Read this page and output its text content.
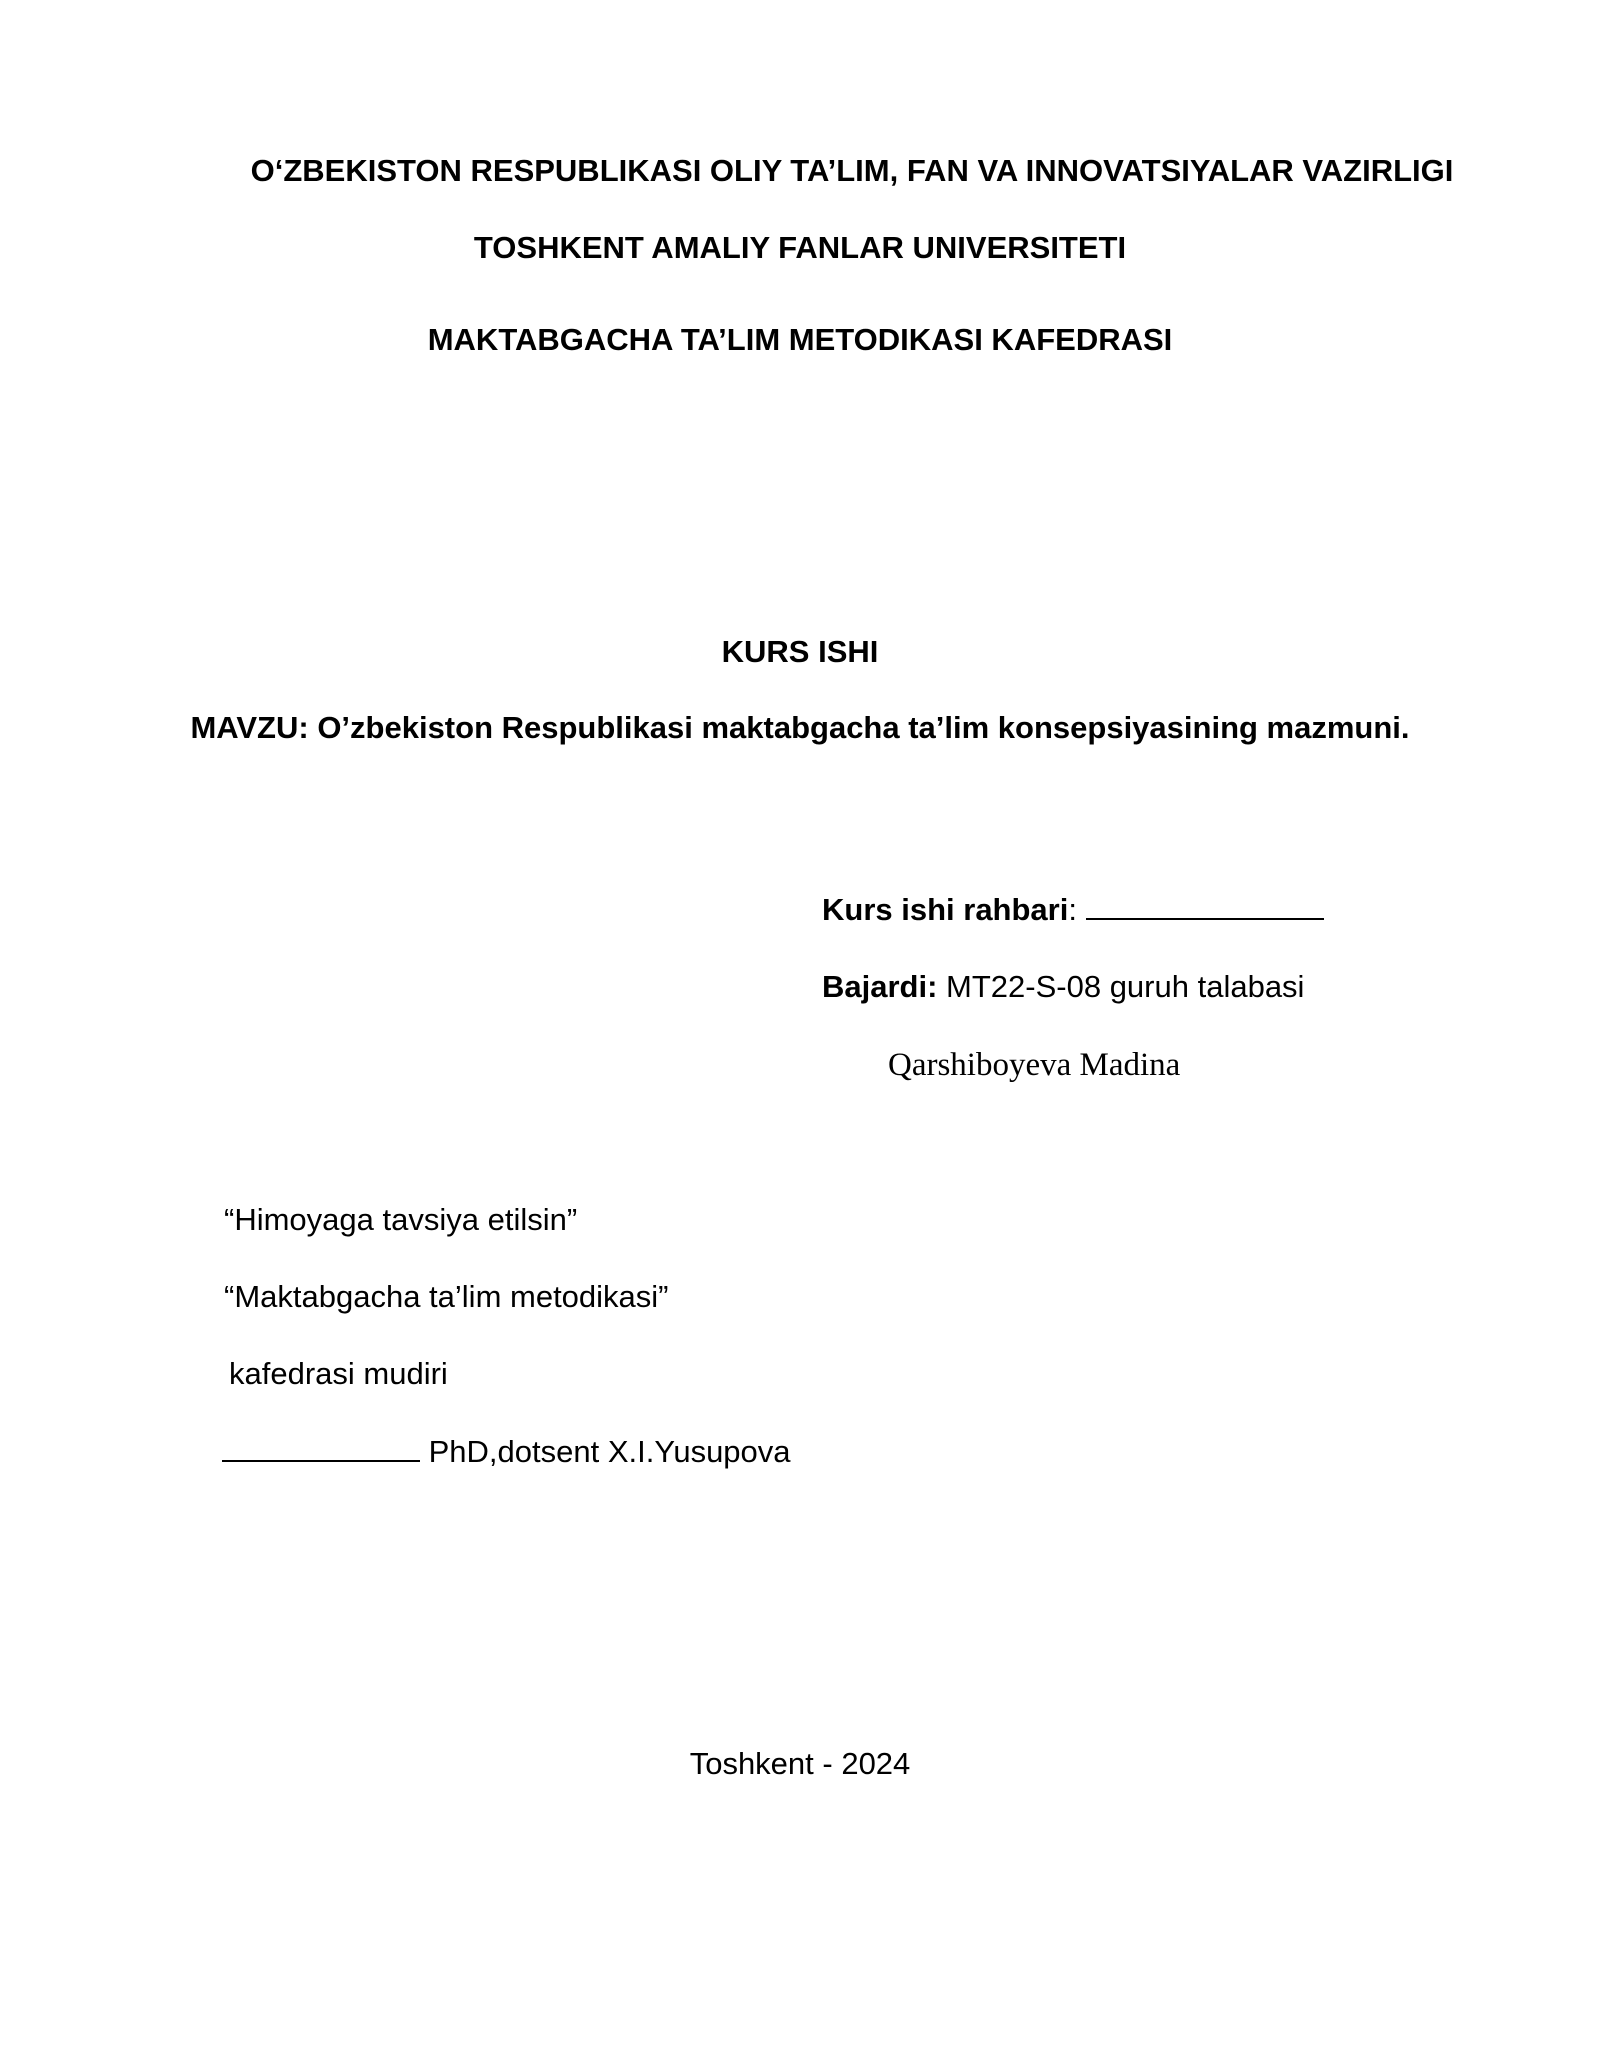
O‘ZBEKISTON RESPUBLIKASI OLIY TA’LIM, FAN VA INNOVATSIYALAR VAZIRLIGI
TOSHKENT AMALIY FANLAR UNIVERSITETI
MAKTABGACHA TA’LIM METODIKASI KAFEDRASI
KURS ISHI
MAVZU: O’zbekiston Respublikasi maktabgacha ta’lim konsepsiyasining mazmuni.
Kurs ishi rahbari:
Bajardi: MT22-S-08 guruh talabasi
Qarshiboyeva Madina
“Himoyaga tavsiya etilsin”
“Maktabgacha ta’lim metodikasi”
kafedrasi mudiri
PhD,dotsent X.I.Yusupova
Toshkent - 2024
